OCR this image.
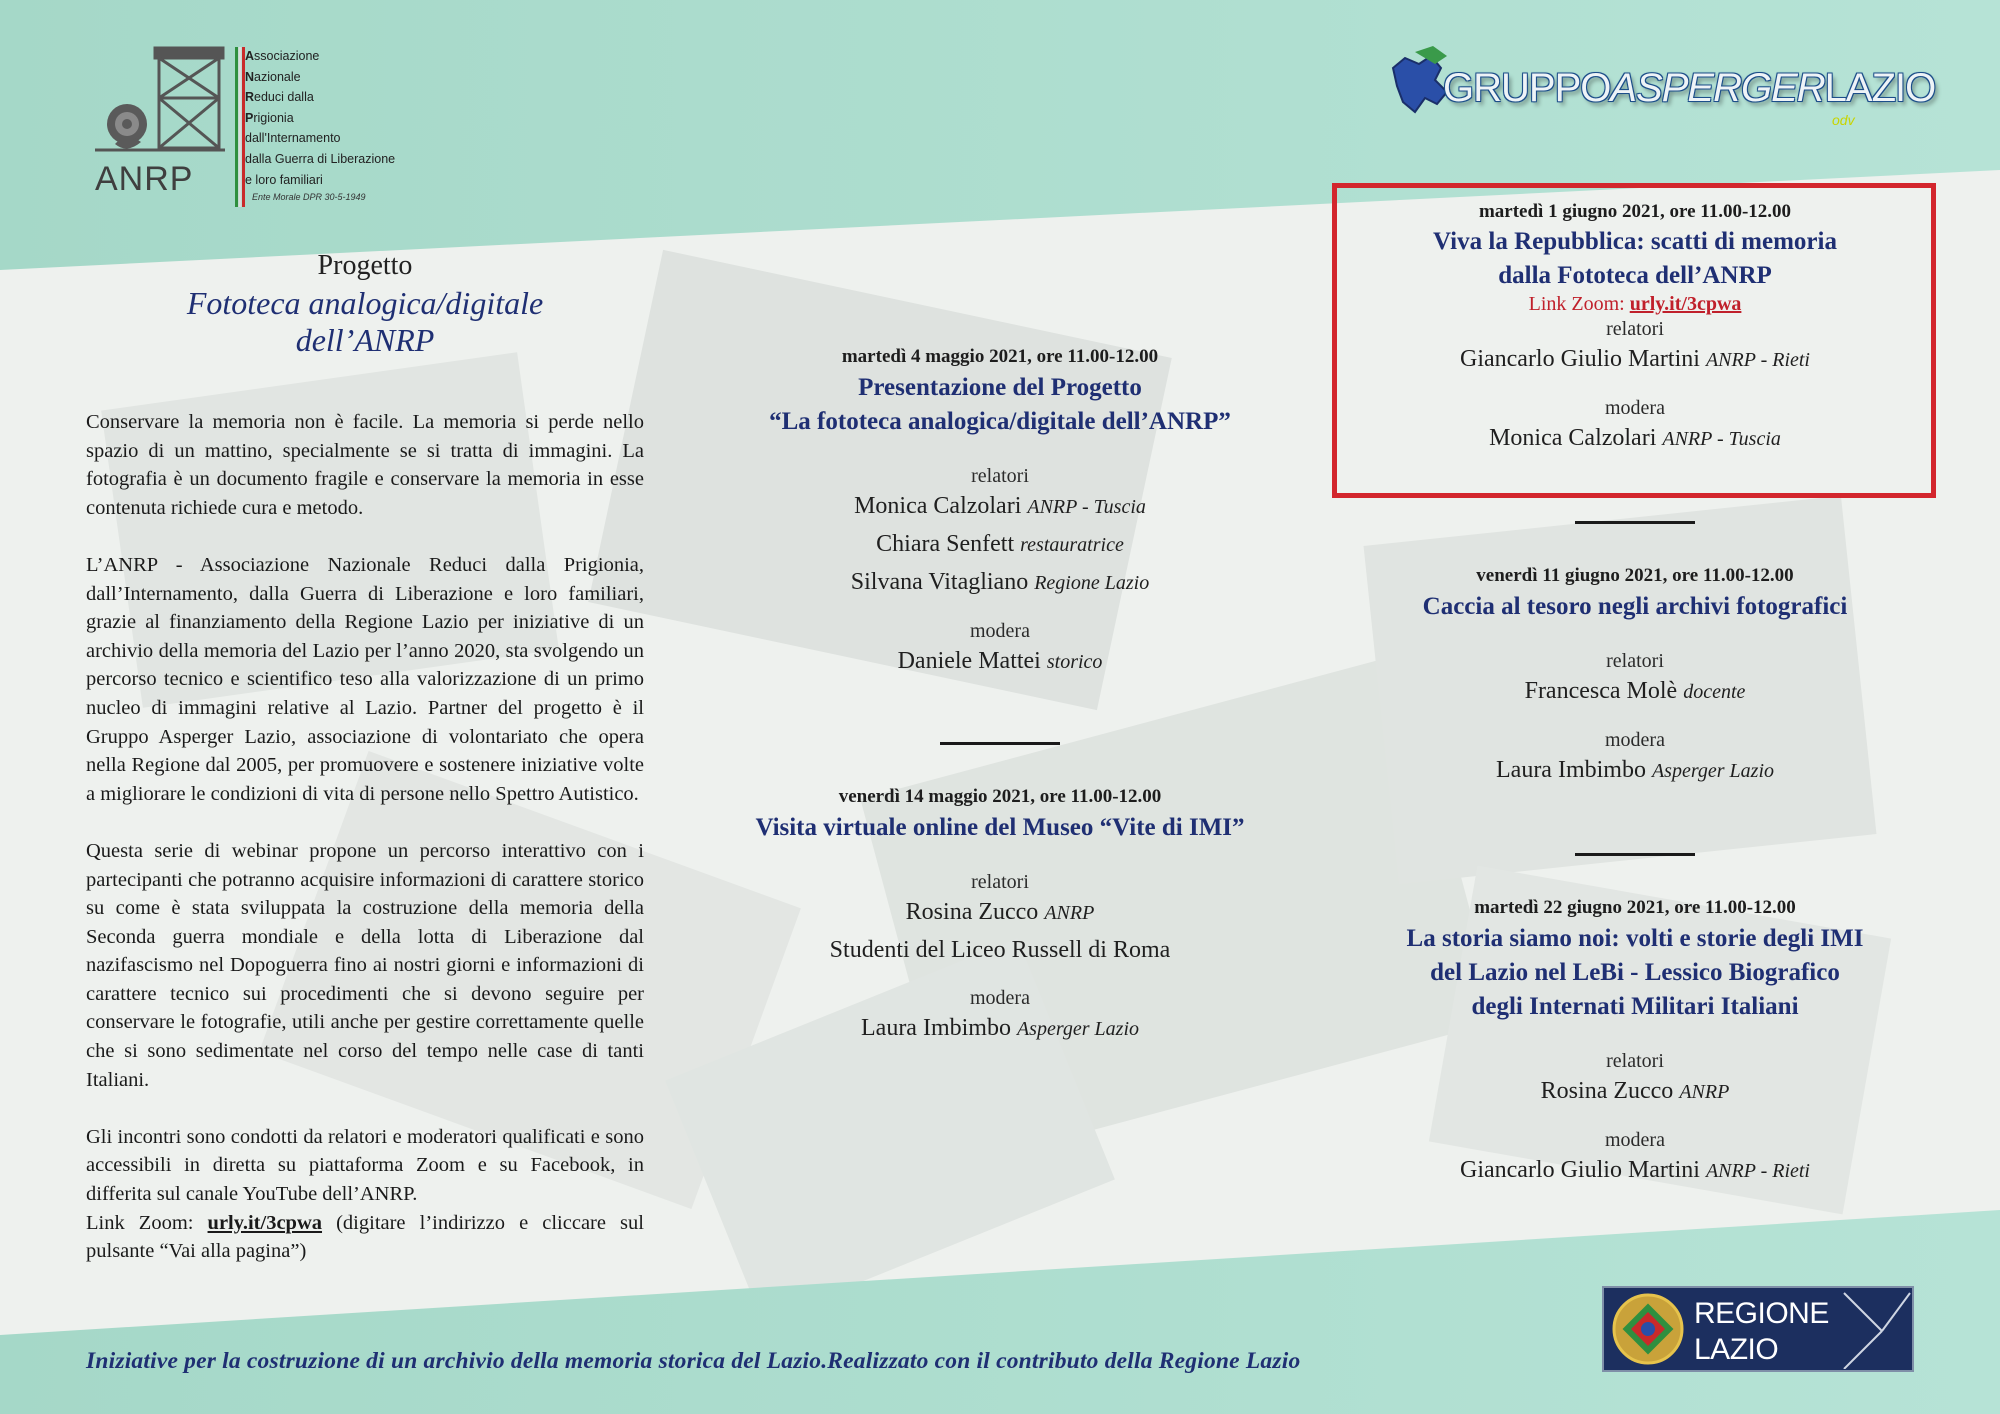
Associazione
Nazionale
Reduci dalla
Prigionia
dall'Internamento
dalla Guerra di Liberazione
e loro familiari
ANRP	Ente Morale DPR 30-5-1949
GRUPPOASPERGERLAZIO
odv
Progetto
Fototeca analogica/digitale
dell’ANRP

Conservare la memoria non è facile. La memoria si perde nello spazio di un mattino, specialmente se si tratta di immagini. La fotografia è un documento fragile e conservare la memoria in esse contenuta richiede cura e metodo.

L’ANRP - Associazione Nazionale Reduci dalla Prigionia, dall’Internamento, dalla Guerra di Liberazione e loro familiari, grazie al finanziamento della Regione Lazio per iniziative di un archivio della memoria del Lazio per l’anno 2020, sta svolgendo un percorso tecnico e scientifico teso alla valorizzazione di un primo nucleo di immagini relative al Lazio. Partner del progetto è il Gruppo Asperger Lazio, associazione di volontariato che opera nella Regione dal 2005, per promuovere e sostenere iniziative volte a migliorare le condizioni di vita di persone nello Spettro Autistico.

Questa serie di webinar propone un percorso interattivo con i partecipanti che potranno acquisire informazioni di carattere storico su come è stata sviluppata la costruzione della memoria della Seconda guerra mondiale e della lotta di Liberazione dal nazifascismo nel Dopoguerra fino ai nostri giorni e informazioni di carattere tecnico sui procedimenti che si devono seguire per conservare le fotografie, utili anche per gestire correttamente quelle che si sono sedimentate nel corso del tempo nelle case di tanti Italiani.

Gli incontri sono condotti da relatori e moderatori qualificati e sono accessibili in diretta su piattaforma Zoom e su Facebook, in differita sul canale YouTube dell’ANRP.
Link Zoom: urly.it/3cpwa (digitare l’indirizzo e cliccare sul pulsante “Vai alla pagina”)

martedì 4 maggio 2021, ore 11.00-12.00
Presentazione del Progetto
“La fototeca analogica/digitale dell’ANRP”
relatori
Monica Calzolari ANRP - Tuscia
Chiara Senfett restauratrice
Silvana Vitagliano Regione Lazio
modera
Daniele Mattei storico
venerdì 14 maggio 2021, ore 11.00-12.00
Visita virtuale online del Museo “Vite di IMI”
relatori
Rosina Zucco ANRP
Studenti del Liceo Russell di Roma
modera
Laura Imbimbo Asperger Lazio
martedì 1 giugno 2021, ore 11.00-12.00
Viva la Repubblica: scatti di memoria
dalla Fototeca dell’ANRP
Link Zoom: urly.it/3cpwa
relatori
Giancarlo Giulio Martini ANRP - Rieti
modera
Monica Calzolari ANRP - Tuscia
venerdì 11 giugno 2021, ore 11.00-12.00
Caccia al tesoro negli archivi fotografici
relatori
Francesca Molè docente
modera
Laura Imbimbo Asperger Lazio
martedì 22 giugno 2021, ore 11.00-12.00
La storia siamo noi: volti e storie degli IMI
del Lazio nel LeBi - Lessico Biografico
degli Internati Militari Italiani
relatori
Rosina Zucco ANRP
modera
Giancarlo Giulio Martini ANRP - Rieti
Iniziative per la costruzione di un archivio della memoria storica del Lazio.Realizzato con il contributo della Regione Lazio
REGIONE
LAZIO
